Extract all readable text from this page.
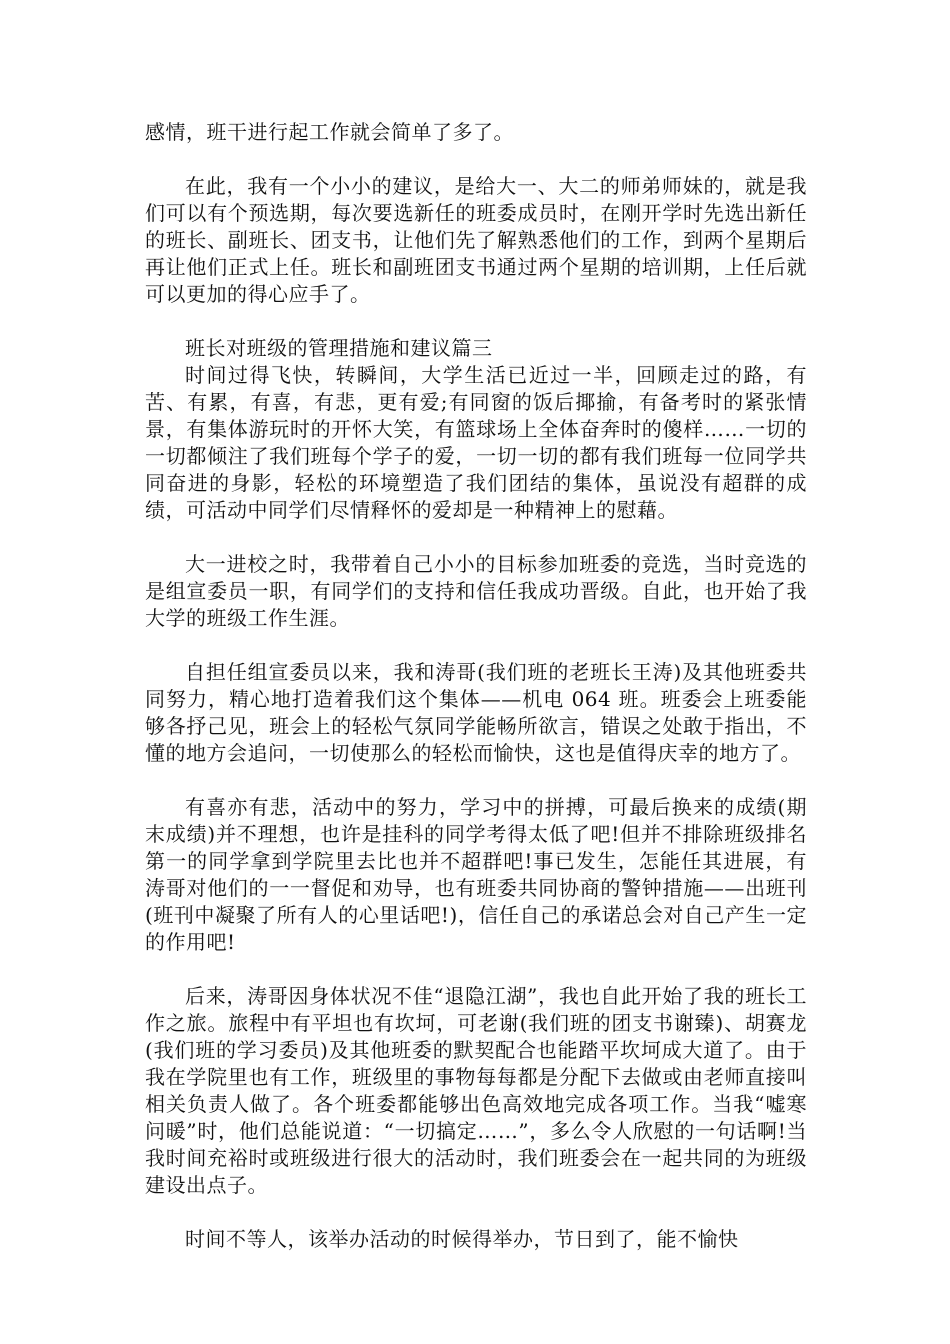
感情，班干进行起工作就会简单了多了。

在此，我有一个小小的建议，是给大一、大二的师弟师妹的，就是我们可以有个预选期，每次要选新任的班委成员时，在刚开学时先选出新任的班长、副班长、团支书，让他们先了解熟悉他们的工作，到两个星期后再让他们正式上任。班长和副班团支书通过两个星期的培训期，上任后就可以更加的得心应手了。

班长对班级的管理措施和建议篇三

时间过得飞快，转瞬间，大学生活已近过一半，回顾走过的路，有苦、有累，有喜，有悲，更有爱;有同窗的饭后揶揄，有备考时的紧张情景，有集体游玩时的开怀大笑，有篮球场上全体奋奔时的傻样……一切的一切都倾注了我们班每个学子的爱，一切一切的都有我们班每一位同学共同奋进的身影，轻松的环境塑造了我们团结的集体，虽说没有超群的成绩，可活动中同学们尽情释怀的爱却是一种精神上的慰藉。

大一进校之时，我带着自己小小的目标参加班委的竞选，当时竞选的是组宣委员一职，有同学们的支持和信任我成功晋级。自此，也开始了我大学的班级工作生涯。

自担任组宣委员以来，我和涛哥(我们班的老班长王涛)及其他班委共同努力，精心地打造着我们这个集体——机电 064 班。班委会上班委能够各抒己见，班会上的轻松气氛同学能畅所欲言，错误之处敢于指出，不懂的地方会追问，一切使那么的轻松而愉快，这也是值得庆幸的地方了。

有喜亦有悲，活动中的努力，学习中的拼搏，可最后换来的成绩(期末成绩)并不理想，也许是挂科的同学考得太低了吧!但并不排除班级排名第一的同学拿到学院里去比也并不超群吧!事已发生，怎能任其进展，有涛哥对他们的一一督促和劝导，也有班委共同协商的警钟措施——出班刊(班刊中凝聚了所有人的心里话吧!)，信任自己的承诺总会对自己产生一定的作用吧!

后来，涛哥因身体状况不佳“退隐江湖”，我也自此开始了我的班长工作之旅。旅程中有平坦也有坎坷，可老谢(我们班的团支书谢臻)、胡赛龙(我们班的学习委员)及其他班委的默契配合也能踏平坎坷成大道了。由于我在学院里也有工作，班级里的事物每每都是分配下去做或由老师直接叫相关负责人做了。各个班委都能够出色高效地完成各项工作。当我“嘘寒问暖”时，他们总能说道：“一切搞定……”，多么令人欣慰的一句话啊!当我时间充裕时或班级进行很大的活动时，我们班委会在一起共同的为班级建设出点子。

时间不等人，该举办活动的时候得举办，节日到了，能不愉快
